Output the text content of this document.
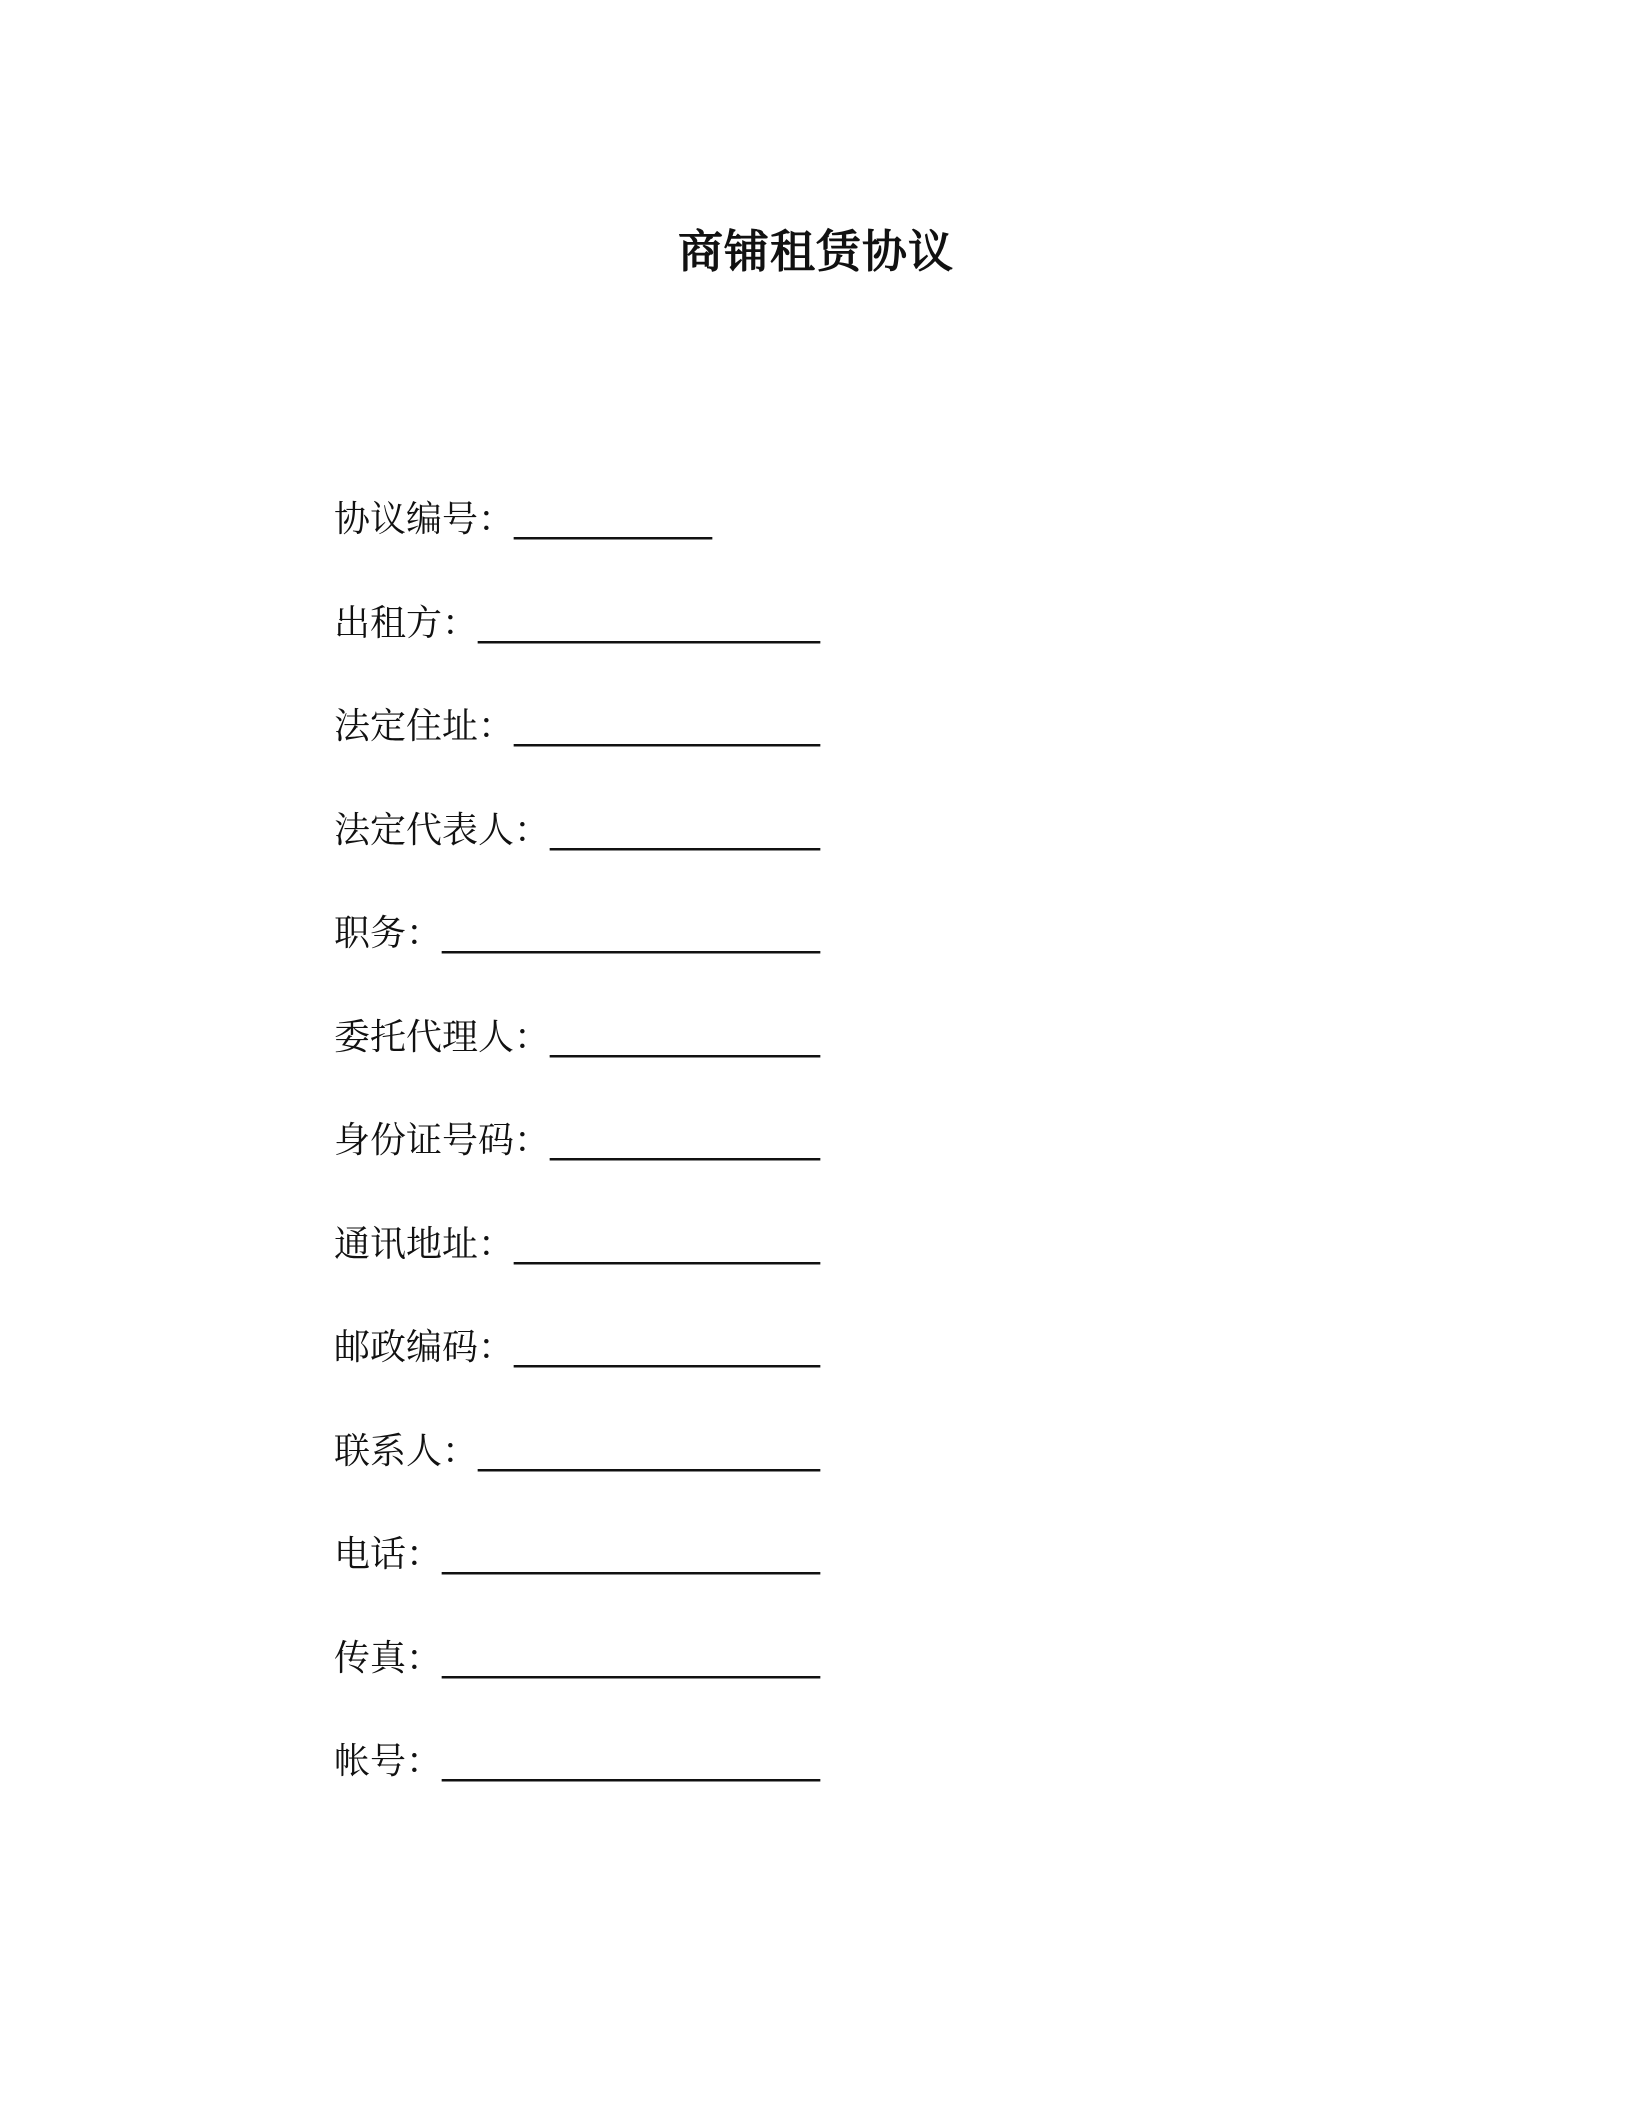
商铺租赁协议
协议编号：___________
出租方：___________________
法定住址：_________________
法定代表人：_______________
职务：_____________________
委托代理人：_______________
身份证号码：_______________
通讯地址：_________________
邮政编码：_________________
联系人：___________________
电话：_____________________
传真：_____________________
帐号：_____________________
